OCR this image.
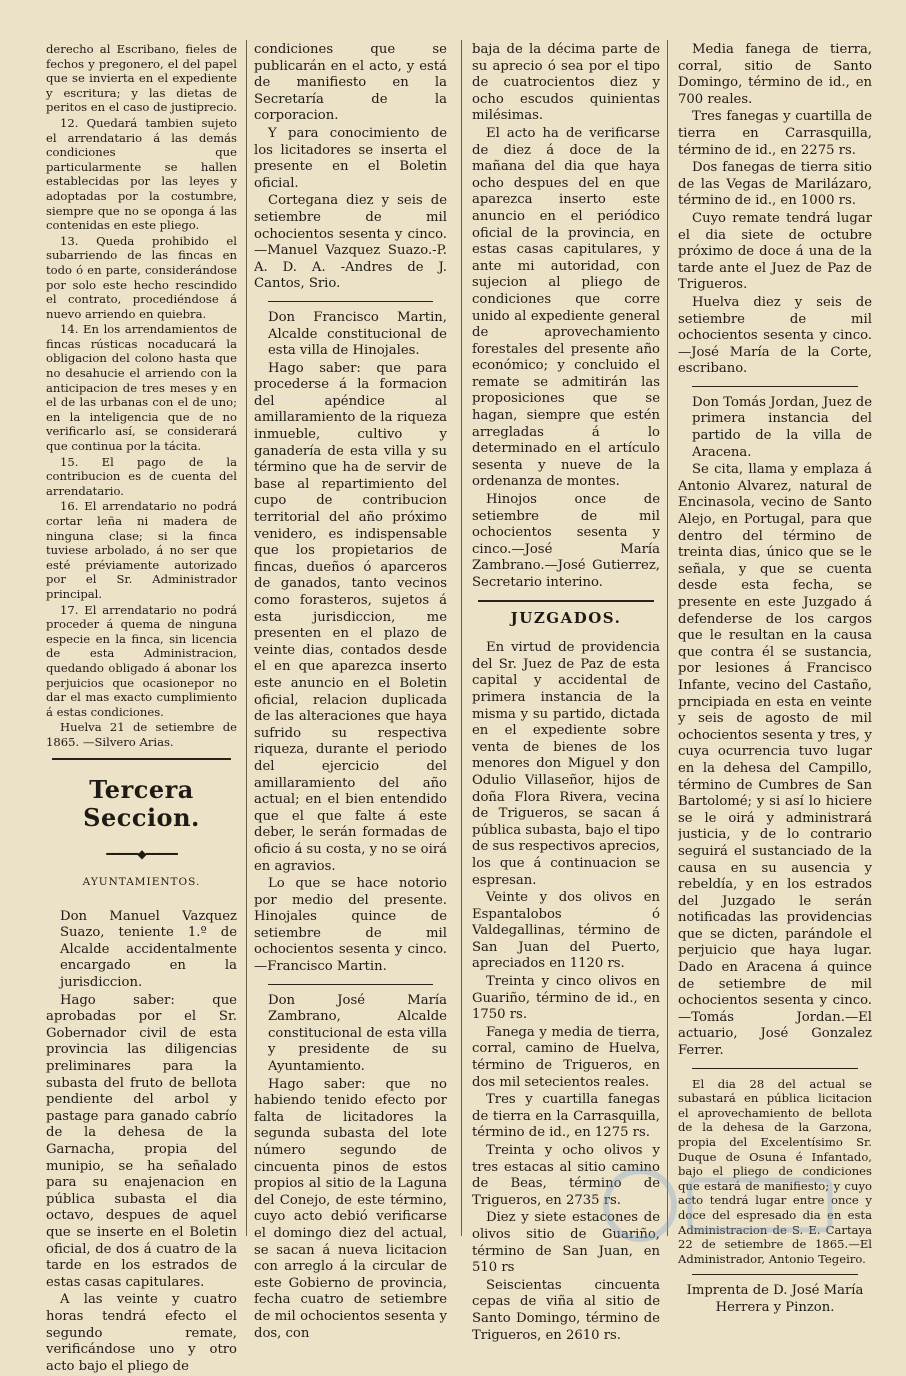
derecho al Escribano, fieles de fechos y pregonero, el del papel que se invierta en el expediente y escritura; y las dietas de peritos en el caso de justiprecio.

12. Quedará tambien sujeto el arrendatario á las demás condiciones que particularmente se hallen establecidas por las leyes y adoptadas por la costumbre, siempre que no se oponga á las contenidas en este pliego.

13. Queda prohibido el subarriendo de las fincas en todo ó en parte, considerándose por solo este hecho rescindido el contrato, procediéndose á nuevo arriendo en quiebra.

14. En los arrendamientos de fincas rústicas nocaducará la obligacion del colono hasta que no desahucie el arriendo con la anticipacion de tres meses y en el de las urbanas con el de uno; en la inteligencia que de no verificarlo así, se considerará que continua por la tácita.

15. El pago de la contribucion es de cuenta del arrendatario.

16. El arrendatario no podrá cortar leña ni madera de ninguna clase; si la finca tuviese arbolado, á no ser que esté préviamente autorizado por el Sr. Administrador principal.

17. El arrendatario no podrá proceder á quema de ninguna especie en la finca, sin licencia de esta Administracion, quedando obligado á abonar los perjuicios que ocasionepor no dar el mas exacto cumplimiento á estas condiciones.

Huelva 21 de setiembre de 1865. —Silvero Arias.

Tercera Seccion.
━━━━━◆━━━━━
AYUNTAMIENTOS.

Don Manuel Vazquez Suazo, teniente 1.º de Alcalde accidentalmente encargado en la jurisdiccion.

Hago saber: que aprobadas por el Sr. Gobernador civil de esta provincia las diligencias preliminares para la subasta del fruto de bellota pendiente del arbol y pastage para ganado cabrío de la dehesa de la Garnacha, propia del munipio, se ha señalado para su enajenacion en pública subasta el dia octavo, despues de aquel que se inserte en el Boletin oficial, de dos á cuatro de la tarde en los estrados de estas casas capitulares.

A las veinte y cuatro horas tendrá efecto el segundo remate, verificándose uno y otro acto bajo el pliego de

condiciones que se publicarán en el acto, y está de manifiesto en la Secretaría de la corporacion.

Y para conocimiento de los licitadores se inserta el presente en el Boletin oficial.

Cortegana diez y seis de setiembre de mil ochocientos sesenta y cinco. —Manuel Vazquez Suazo.-P. A. D. A. -Andres de J. Cantos, Srio.

Don Francisco Martin, Alcalde constitucional de esta villa de Hinojales.

Hago saber: que para procederse á la formacion del apéndice al amillaramiento de la riqueza inmueble, cultivo y ganadería de esta villa y su término que ha de servir de base al repartimiento del cupo de contribucion territorial del año próximo venidero, es indispensable que los propietarios de fincas, dueños ó aparceros de ganados, tanto vecinos como forasteros, sujetos á esta jurisdiccion, me presenten en el plazo de veinte dias, contados desde el en que aparezca inserto este anuncio en el Boletin oficial, relacion duplicada de las alteraciones que haya sufrido su respectiva riqueza, durante el periodo del ejercicio del amillaramiento del año actual; en el bien entendido que el que falte á este deber, le serán formadas de oficio á su costa, y no se oirá en agravios.

Lo que se hace notorio por medio del presente. Hinojales quince de setiembre de mil ochocientos sesenta y cinco.—Francisco Martin.

Don José María Zambrano, Alcalde constitucional de esta villa y presidente de su Ayuntamiento.

Hago saber: que no habiendo tenido efecto por falta de licitadores la segunda subasta del lote número segundo de cincuenta pinos de estos propios al sitio de la Laguna del Conejo, de este término, cuyo acto debió verificarse el domingo diez del actual, se sacan á nueva licitacion con arreglo á la circular de este Gobierno de provincia, fecha cuatro de setiembre de mil ochocientos sesenta y dos, con

baja de la décima parte de su aprecio ó sea por el tipo de cuatrocientos diez y ocho escudos quinientas milésimas.

El acto ha de verificarse de diez á doce de la mañana del dia que haya ocho despues del en que aparezca inserto este anuncio en el periódico oficial de la provincia, en estas casas capitulares, y ante mi autoridad, con sujecion al pliego de condiciones que corre unido al expediente general de aprovechamiento forestales del presente año económico; y concluido el remate se admitirán las proposiciones que se hagan, siempre que estén arregladas á lo determinado en el artículo sesenta y nueve de la ordenanza de montes.

Hinojos once de setiembre de mil ochocientos sesenta y cinco.—José María Zambrano.—José Gutierrez, Secretario interino.

JUZGADOS.

En virtud de providencia del Sr. Juez de Paz de esta capital y accidental de primera instancia de la misma y su partido, dictada en el expediente sobre venta de bienes de los menores don Miguel y don Odulio Villaseñor, hijos de doña Flora Rivera, vecina de Trigueros, se sacan á pública subasta, bajo el tipo de sus respectivos aprecios, los que á continuacion se espresan.

Veinte y dos olivos en Espantalobos ó Valdegallinas, término de San Juan del Puerto, apreciados en 1120 rs.

Treinta y cinco olivos en Guariño, término de id., en 1750 rs.

Fanega y media de tierra, corral, camino de Huelva, término de Trigueros, en dos mil setecientos reales.

Tres y cuartilla fanegas de tierra en la Carrasquilla, término de id., en 1275 rs.

Treinta y ocho olivos y tres estacas al sitio camino de Beas, término de Trigueros, en 2735 rs.

Diez y siete estacones de olivos sitio de Guariño, término de San Juan, en 510 rs

Seiscientas cincuenta cepas de viña al sitio de Santo Domingo, término de Trigueros, en 2610 rs.

Media fanega de tierra, corral, sitio de Santo Domingo, término de id., en 700 reales.

Tres fanegas y cuartilla de tierra en Carrasquilla, término de id., en 2275 rs.

Dos fanegas de tierra sitio de las Vegas de Marilázaro, término de id., en 1000 rs.

Cuyo remate tendrá lugar el dia siete de octubre próximo de doce á una de la tarde ante el Juez de Paz de Trigueros.

Huelva diez y seis de setiembre de mil ochocientos sesenta y cinco.—José María de la Corte, escribano.

Don Tomás Jordan, Juez de primera instancia del partido de la villa de Aracena.

Se cita, llama y emplaza á Antonio Alvarez, natural de Encinasola, vecino de Santo Alejo, en Portugal, para que dentro del término de treinta dias, único que se le señala, y que se cuenta desde esta fecha, se presente en este Juzgado á defenderse de los cargos que le resultan en la causa que contra él se sustancia, por lesiones á Francisco Infante, vecino del Castaño, prncipiada en esta en veinte y seis de agosto de mil ochocientos sesenta y tres, y cuya ocurrencia tuvo lugar en la dehesa del Campillo, término de Cumbres de San Bartolomé; y si así lo hiciere se le oirá y administrará justicia, y de lo contrario seguirá el sustanciado de la causa en su ausencia y rebeldía, y en los estrados del Juzgado le serán notificadas las providencias que se dicten, parándole el perjuicio que haya lugar. Dado en Aracena á quince de setiembre de mil ochocientos sesenta y cinco.—Tomás Jordan.—El actuario, José Gonzalez Ferrer.

El dia 28 del actual se subastará en pública licitacion el aprovechamiento de bellota de la dehesa de la Garzona, propia del Excelentísimo Sr. Duque de Osuna é Infantado, bajo el pliego de condiciones que estará de manifiesto; y cuyo acto tendrá lugar entre once y doce del espresado dia en esta Administracion de S. E. Cartaya 22 de setiembre de 1865.—El Administrador, Antonio Tegeiro.

Imprenta de D. José María Herrera y Pinzon.
